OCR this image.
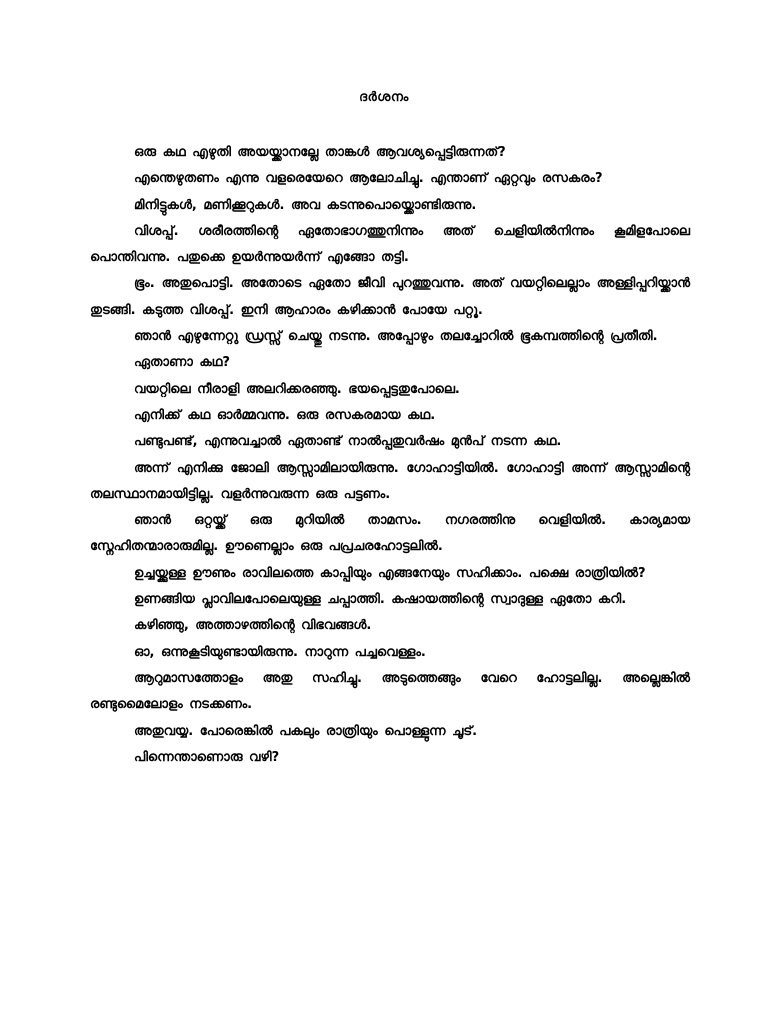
ദർശനം

ഒരു കഥ എഴുതി അയയ്ക്കാനല്ലേ താങ്കൾ ആവശ്യപ്പെട്ടിരുന്നത്?

എന്തെഴുതണം എന്നു വളരെയേറെ ആലോചിച്ചു. എന്താണ് ഏറ്റവും രസകരം?

മിനിട്ടുകൾ, മണിക്കൂറുകൾ. അവ കടന്നുപൊയ്ക്കൊണ്ടിരുന്നു.

വിശപ്പ്. ശരീരത്തിന്റെ ഏതോഭാഗത്തുനിന്നും അത് ചെളിയിൽനിന്നും കൂമിളപോലെ പൊന്തിവന്നു. പതുക്കെ ഉയർന്നുയർന്ന് എങ്ങോ തട്ടി.

ഭൂം. അതുപൊട്ടി. അതോടെ ഏതോ ജീവി പുറത്തുവന്നു. അത് വയറ്റിലെല്ലാം അള്ളിപ്പറിയ്ക്കാൻ തുടങ്ങി. കടുത്ത വിശപ്പ്. ഇനി ആഹാരം കഴിക്കാൻ പോയേ പറ്റൂ.

ഞാൻ എഴുന്നേറ്റു ഡ്രസ്സ് ചെയ്തു നടന്നു. അപ്പോഴും തലച്ചോറിൽ ഭൂകമ്പത്തിന്റെ പ്രതീതി.

ഏതാണാ കഥ?

വയറ്റിലെ നീരാളി അലറിക്കരഞ്ഞു. ഭയപ്പെട്ടതുപോലെ.

എനിക്ക് കഥ ഓർമ്മവന്നു. ഒരു രസകരമായ കഥ.

പണ്ടുപണ്ട്, എന്നുവച്ചാൽ ഏതാണ്ട് നാൽപ്പതുവർഷം മുൻപ് നടന്ന കഥ.

അന്ന് എനിക്കു ജോലി ആസ്സാമിലായിരുന്നു. ഗോഹാട്ടിയിൽ. ഗോഹാട്ടി അന്ന് ആസ്സാമിന്റെ തലസ്ഥാനമായിട്ടില്ല. വളർന്നുവരുന്ന ഒരു പട്ടണം.

ഞാൻ ഒറ്റയ്ക്ക് ഒരു മുറിയിൽ താമസം. നഗരത്തിനു വെളിയിൽ. കാര്യമായ സ്നേഹിതന്മാരാരുമില്ല. ഊണെല്ലാം ഒരു പപ്രചരഹോട്ടലിൽ.

ഉച്ചയ്ക്കുള്ള ഊണും രാവിലത്തെ കാപ്പിയും എങ്ങനേയും സഹിക്കാം. പക്ഷെ രാത്രിയിൽ?

ഉണങ്ങിയ പ്ലാവിലപോലെയുള്ള ചപ്പാത്തി. കഷായത്തിന്റെ സ്വാദുള്ള ഏതോ കറി.

കഴിഞ്ഞു, അത്താഴത്തിന്റെ വിഭവങ്ങൾ.

ഓ, ഒന്നുകൂടിയുണ്ടായിരുന്നു. നാറുന്ന പച്ചവെള്ളം.

ആറുമാസത്തോളം അതു സഹിച്ചു. അടുത്തെങ്ങും വേറെ ഹോട്ടലില്ല. അല്ലെങ്കിൽ രണ്ടുമൈലോളം നടക്കണം.

അതുവയ്യ. പോരെങ്കിൽ പകലും രാത്രിയും പൊള്ളുന്ന ചൂട്.

പിന്നെന്താണൊരു വഴി?
